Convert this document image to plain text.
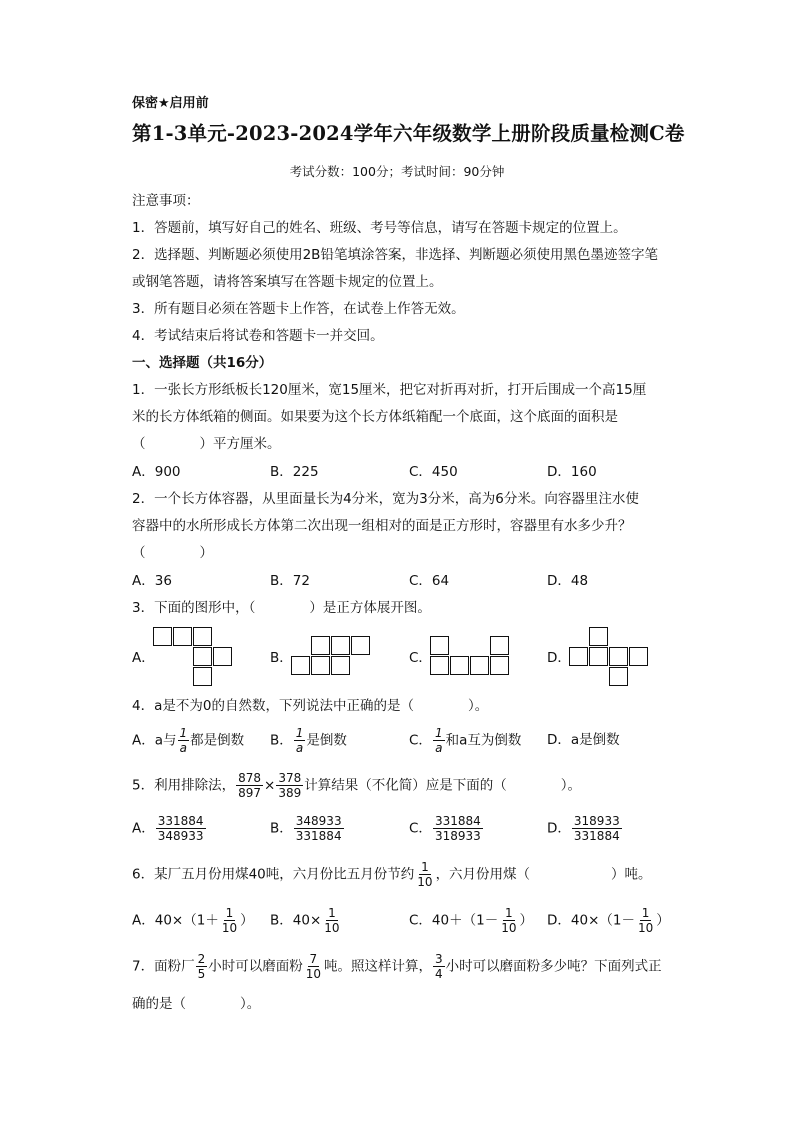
保密★启用前
第1-3单元-2023-2024学年六年级数学上册阶段质量检测C卷
考试分数：100分；考试时间：90分钟
注意事项：
1．答题前，填写好自己的姓名、班级、考号等信息，请写在答题卡规定的位置上。
2．选择题、判断题必须使用2B铅笔填涂答案，非选择、判断题必须使用黑色墨迹签字笔
或钢笔答题，请将答案填写在答题卡规定的位置上。
3．所有题目必须在答题卡上作答，在试卷上作答无效。
4．考试结束后将试卷和答题卡一并交回。
一、选择题（共16分）
1．一张长方形纸板长120厘米，宽15厘米，把它对折再对折，打开后围成一个高15厘
米的长方体纸箱的侧面。如果要为这个长方体纸箱配一个底面，这个底面的面积是
（　　　　）平方厘米。
A．900	B．225	C．450	D．160
2．一个长方体容器，从里面量长为4分米，宽为3分米，高为6分米。向容器里注水使
容器中的水所形成长方体第二次出现一组相对的面是正方形时，容器里有水多少升？
（　　　　）
A．36	B．72	C．64	D．48
3．下面的图形中，（　　　　）是正方体展开图。
A．	B．	C．	D．
4．a是不为0的自然数，下列说法中正确的是（　　　　）。
A．a与 $\frac{1}{a}$ 都是倒数 B． $\frac{1}{a}$ 是倒数	C． $\frac{1}{a}$ 和a互为倒数 D．a是倒数
5．利用排除法， $\frac{878}{897} \times \frac{378}{389}$ 计算结果（不化简）应是下面的（　　　　）。
A． $\frac{331884}{348933}$	B． $\frac{348933}{331884}$	C． $\frac{331884}{318933}$	D． $\frac{318933}{331884}$
6．某厂五月份用煤40吨，六月份比五月份节约 $\frac{1}{10}$ ，六月份用煤（　　　　　　）吨。
A．$40\times(1+ \frac{1}{10}$ ） B．$40\times \frac{1}{10}$	C．$40+(1- \frac{1}{10}$ ） D．$40\times(1- \frac{1}{10}$ ）
7．面粉厂 $\frac{2}{5}$ 小时可以磨面粉 $\frac{7}{10}$ 吨。照这样计算， $\frac{3}{4}$ 小时可以磨面粉多少吨？下面列式正
确的是（　　　　）。
